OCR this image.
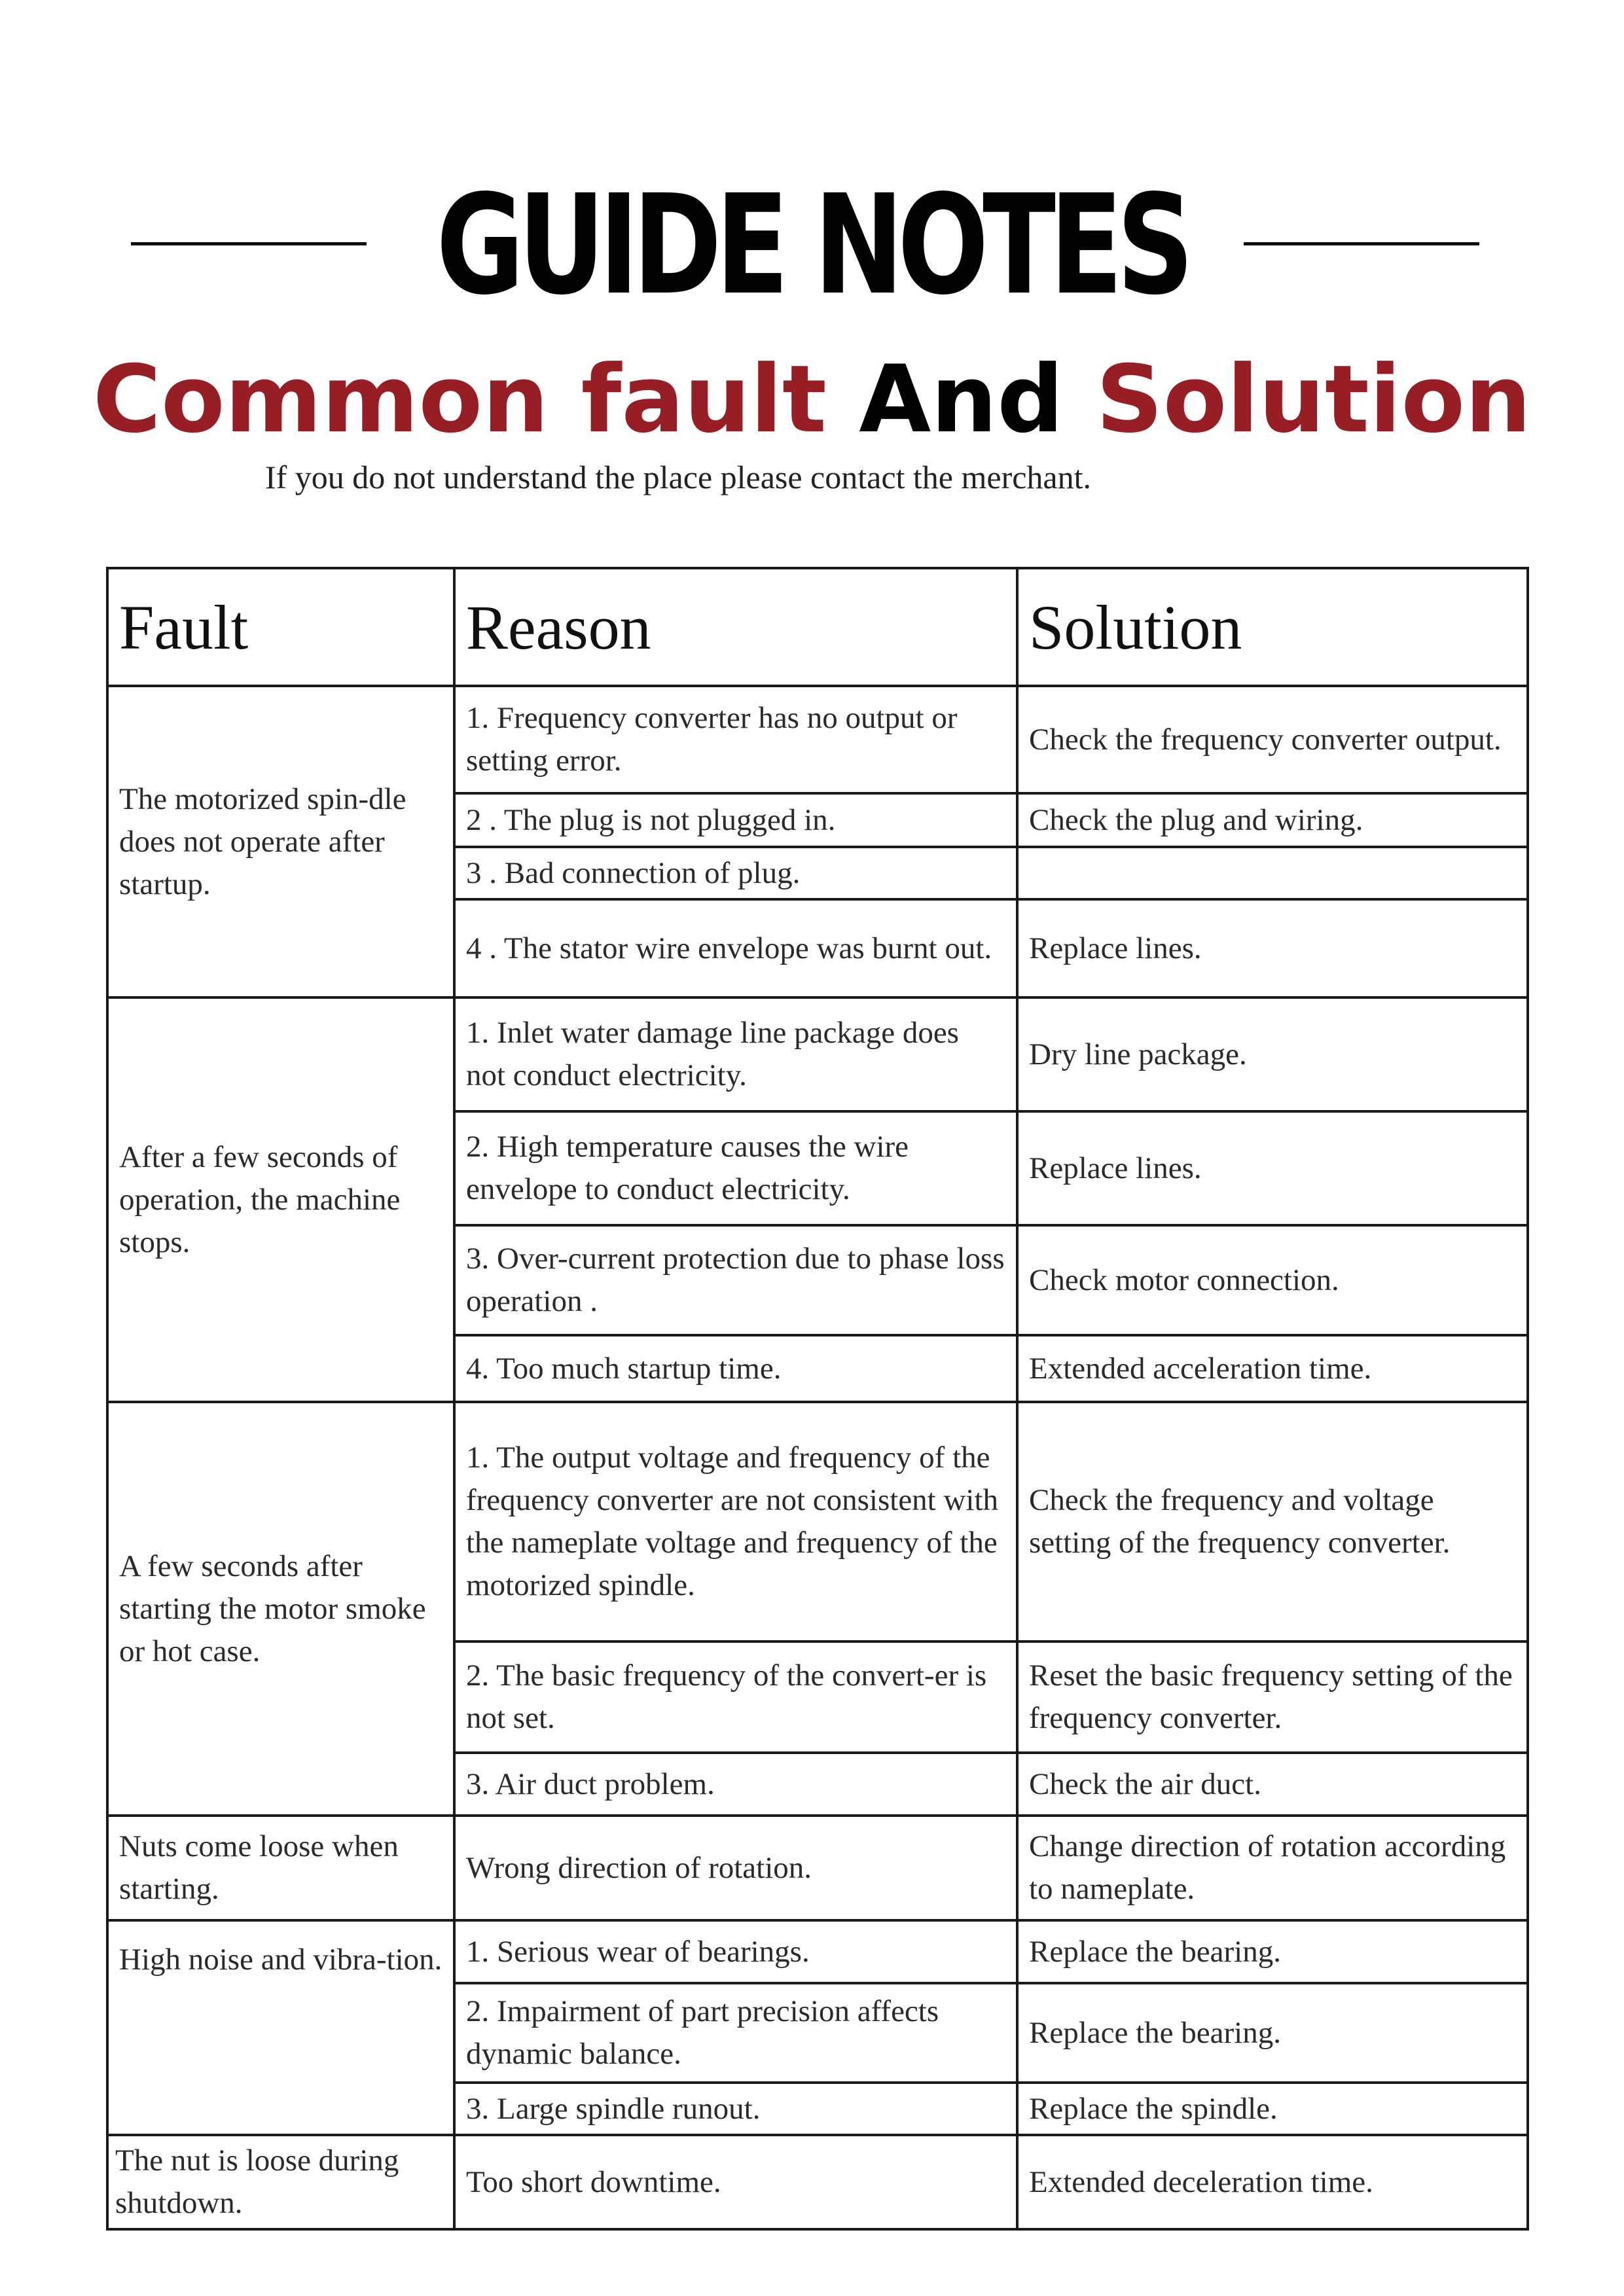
GUIDE NOTES
Common fault And Solution
If you do not understand the place please contact the merchant.
Fault	Reason	Solution
The motorized spin-dle does not operate after startup.	1. Frequency converter has no output or setting error.	Check the frequency converter output.
	2 . The plug is not plugged in.	Check the plug and wiring.
	3 . Bad connection of plug.	
	4 . The stator wire envelope was burnt out.	Replace lines.
After a few seconds of operation, the machine stops.	1. Inlet water damage line package does not conduct electricity.	Dry line package.
	2. High temperature causes the wire envelope to conduct electricity.	Replace lines.
	3. Over-current protection due to phase loss operation .	Check motor connection.
	4. Too much startup time.	Extended acceleration time.
A few seconds after starting the motor smoke or hot case.	1. The output voltage and frequency of the frequency converter are not consistent with the nameplate voltage and frequency of the motorized spindle.	Check the frequency and voltage setting of the frequency converter.
	2. The basic frequency of the convert-er is not set.	Reset the basic frequency setting of the frequency converter.
	3. Air duct problem.	Check the air duct.
Nuts come loose when starting.	Wrong direction of rotation.	Change direction of rotation according to nameplate.
High noise and vibra-tion.	1. Serious wear of bearings.	Replace the bearing.
	2. Impairment of part precision affects dynamic balance.	Replace the bearing.
	3. Large spindle runout.	Replace the spindle.
The nut is loose during shutdown.	Too short downtime.	Extended deceleration time.
